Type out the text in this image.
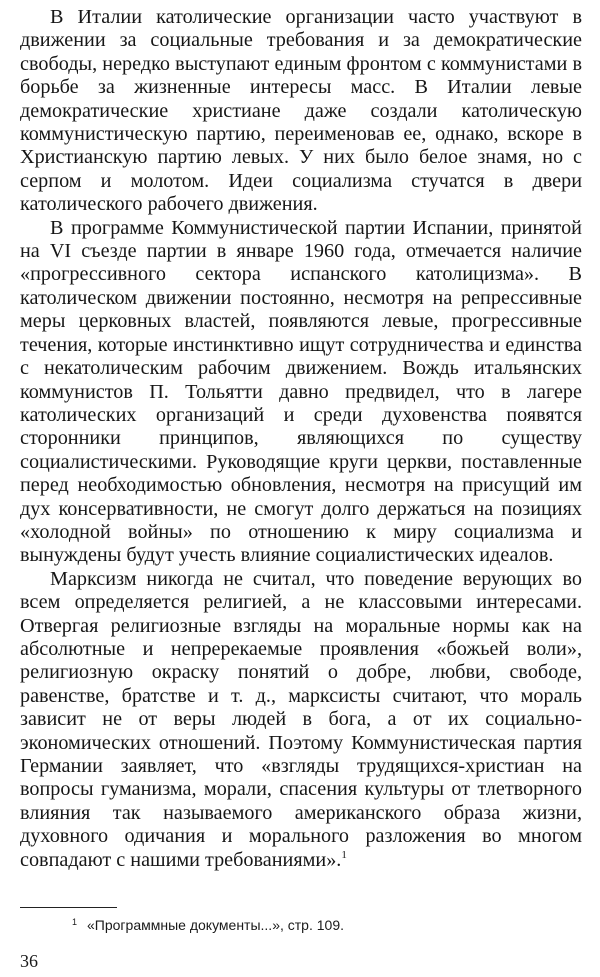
В Италии католические организации часто участвуют в движении за социальные требования и за демократические свободы, нередко выступают единым фронтом с коммунистами в борьбе за жизненные интересы масс. В Италии левые демократические христиане даже создали католическую коммунистическую партию, переименовав ее, однако, вскоре в Христианскую партию левых. У них было белое знамя, но с серпом и молотом. Идеи социализма стучатся в двери католического рабочего движения.

В программе Коммунистической партии Испании, принятой на VI съезде партии в январе 1960 года, отмечается наличие «прогрессивного сектора испанского католицизма». В католическом движении постоянно, несмотря на репрессивные меры церковных властей, появляются левые, прогрессивные течения, которые инстинктивно ищут сотрудничества и единства с некатолическим рабочим движением. Вождь итальянских коммунистов П. Тольятти давно предвидел, что в лагере католических организаций и среди духовенства появятся сторонники принципов, являющихся по существу социалистическими. Руководящие круги церкви, поставленные перед необходимостью обновления, несмотря на присущий им дух консервативности, не смогут долго держаться на позициях «холодной войны» по отношению к миру социализма и вынуждены будут учесть влияние социалистических идеалов.

Марксизм никогда не считал, что поведение верующих во всем определяется религией, а не классовыми интересами. Отвергая религиозные взгляды на моральные нормы как на абсолютные и непререкаемые проявления «божьей воли», религиозную окраску понятий о добре, любви, свободе, равенстве, братстве и т. д., марксисты считают, что мораль зависит не от веры людей в бога, а от их социально-экономических отношений. Поэтому Коммунистическая партия Германии заявляет, что «взгляды трудящихся-христиан на вопросы гуманизма, морали, спасения культуры от тлетворного влияния так называемого американского образа жизни, духовного одичания и морального разложения во многом совпадают с нашими требованиями».$^1$

$^1$ «Программные документы...», стр. 109.
36
